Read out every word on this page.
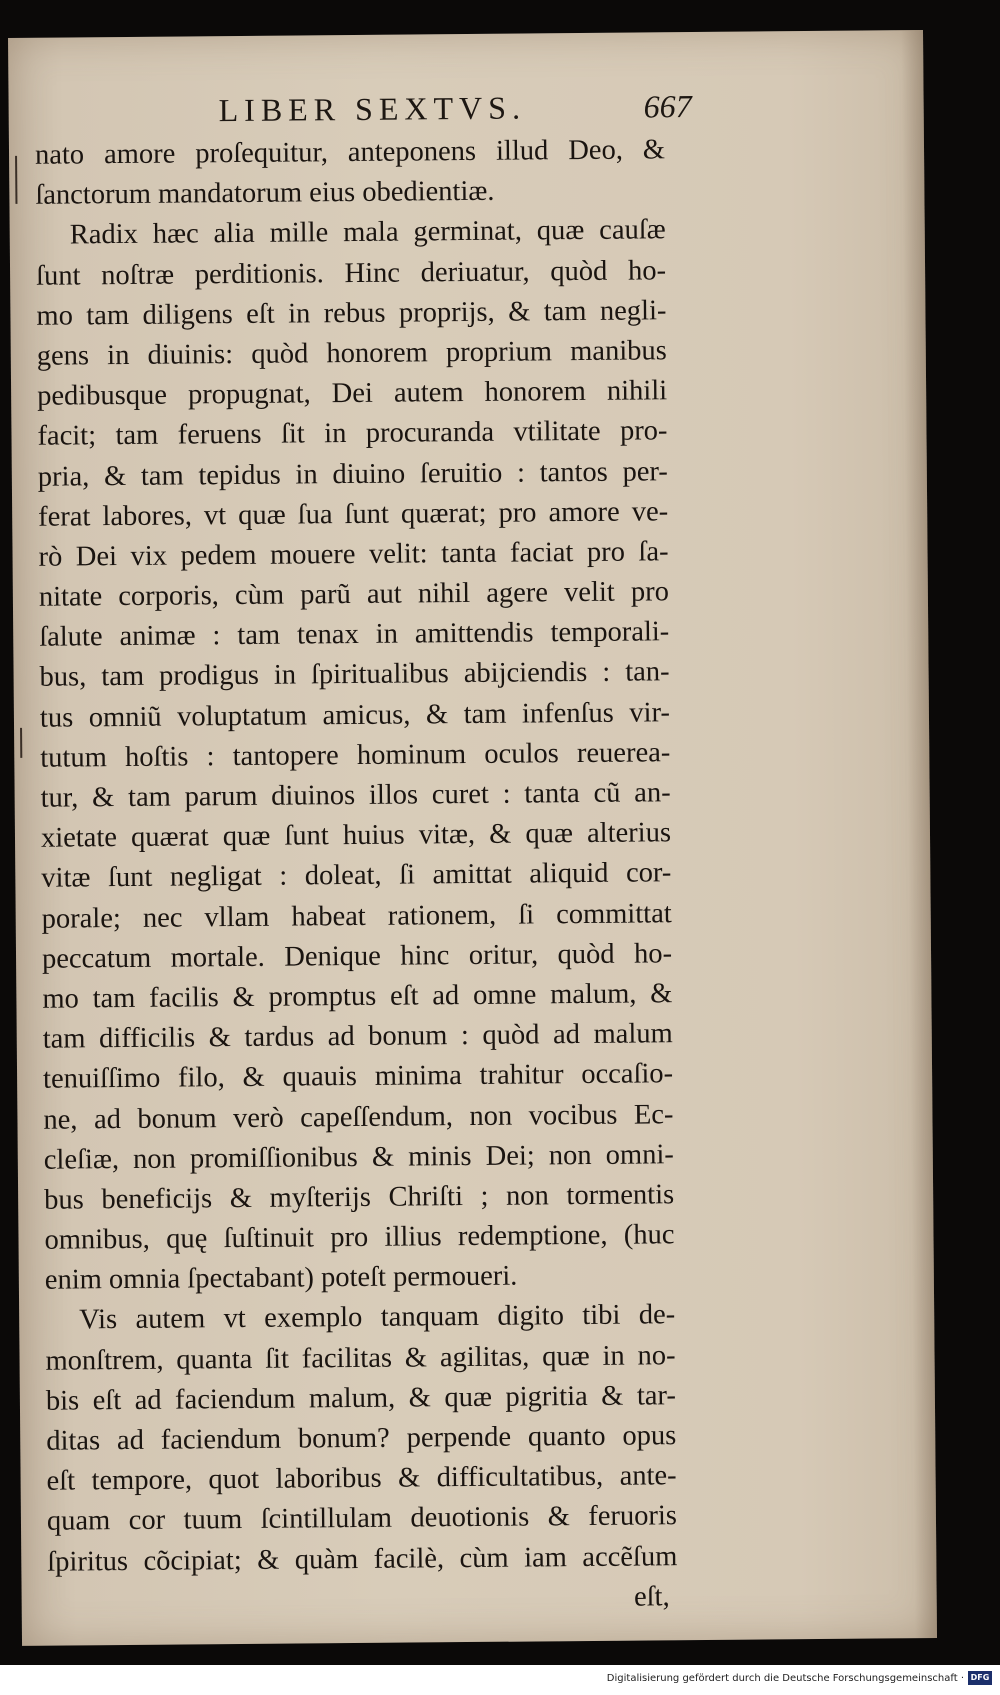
LIBER SEXTVS.	667
nato amore proſequitur, anteponens illud Deo, &
ſanctorum mandatorum eius obedientiæ.
Radix hæc alia mille mala germinat, quæ cauſæ
ſunt noſtræ perditionis. Hinc deriuatur, quòd ho-
mo tam diligens eſt in rebus proprijs, & tam negli-
gens in diuinis: quòd honorem proprium manibus
pedibusque propugnat, Dei autem honorem nihili
facit; tam feruens ſit in procuranda vtilitate pro-
pria, & tam tepidus in diuino ſeruitio : tantos per-
ferat labores, vt quæ ſua ſunt quærat; pro amore ve-
rò Dei vix pedem mouere velit: tanta faciat pro ſa-
nitate corporis, cùm parũ aut nihil agere velit pro
ſalute animæ : tam tenax in amittendis temporali-
bus, tam prodigus in ſpiritualibus abijciendis : tan-
tus omniũ voluptatum amicus, & tam infenſus vir-
tutum hoſtis : tantopere hominum oculos reuerea-
tur, & tam parum diuinos illos curet : tanta cũ an-
xietate quærat quæ ſunt huius vitæ, & quæ alterius
vitæ ſunt negligat : doleat, ſi amittat aliquid cor-
porale; nec vllam habeat rationem, ſi committat
peccatum mortale. Denique hinc oritur, quòd ho-
mo tam facilis & promptus eſt ad omne malum, &
tam difficilis & tardus ad bonum : quòd ad malum
tenuiſſimo filo, & quauis minima trahitur occaſio-
ne, ad bonum verò capeſſendum, non vocibus Ec-
cleſiæ, non promiſſionibus & minis Dei; non omni-
bus beneficijs & myſterijs Chriſti ; non tormentis
omnibus, quę ſuſtinuit pro illius redemptione, (huc
enim omnia ſpectabant) poteſt permoueri.
Vis autem vt exemplo tanquam digito tibi de-
monſtrem, quanta ſit facilitas & agilitas, quæ in no-
bis eſt ad faciendum malum, & quæ pigritia & tar-
ditas ad faciendum bonum? perpende quanto opus
eſt tempore, quot laboribus & difficultatibus, ante-
quam cor tuum ſcintillulam deuotionis & feruoris
ſpiritus cõcipiat; & quàm facilè, cùm iam accẽſum
eſt,
Digitalisierung gefördert durch die Deutsche Forschungsgemeinschaft · DFG
